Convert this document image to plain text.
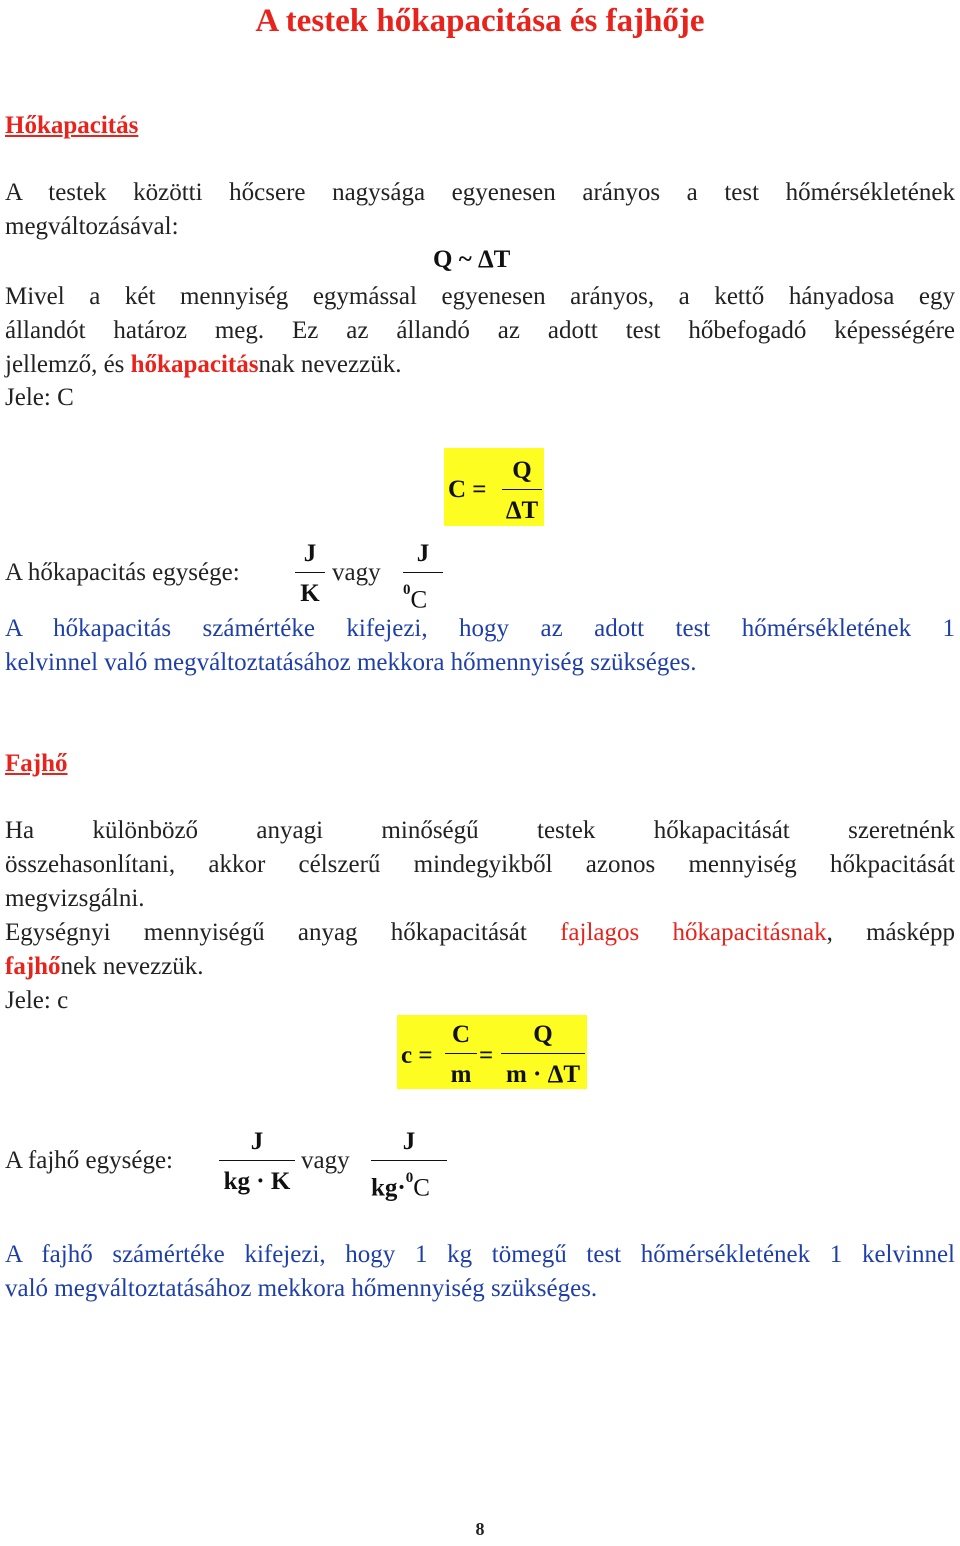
A testek hőkapacitása és fajhője
Hőkapacitás
A testek közötti hőcsere nagysága egyenesen arányos a test hőmérsékletének
megváltozásával:
Q ~ ΔT
Mivel a két mennyiség egymással egyenesen arányos, a kettő hányadosa egy
állandót határoz meg. Ez az állandó az adott test hőbefogadó képességére
jellemző, és hőkapacitásnak nevezzük.
Jele: C
C =
Q
ΔT
A hőkapacitás egysége:
J
K
vagy
J
$^0$C
A hőkapacitás számértéke kifejezi, hogy az adott test hőmérsékletének 1
kelvinnel való megváltoztatásához mekkora hőmennyiség szükséges.
Fajhő
Ha különböző anyagi minőségű testek hőkapacitását szeretnénk
összehasonlítani, akkor célszerű mindegyikből azonos mennyiség hőkpacitását
megvizsgálni.
Egységnyi mennyiségű anyag hőkapacitását fajlagos hőkapacitásnak, másképp
fajhőnek nevezzük.
Jele: c
c =
C
m
=
Q
m · ΔT
A fajhő egysége:
J
kg · K
vagy
J
kg·$^0$C
A fajhő számértéke kifejezi, hogy 1 kg tömegű test hőmérsékletének 1 kelvinnel
való megváltoztatásához mekkora hőmennyiség szükséges.
8
